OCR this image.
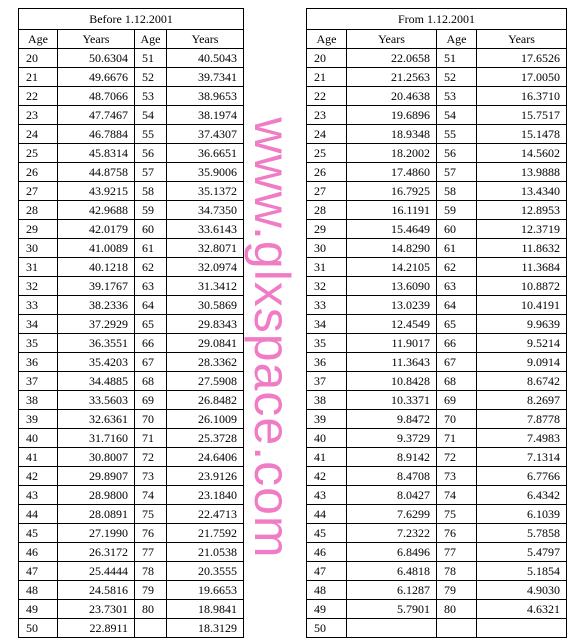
Before 1.12.2001			
Age	Years	Age	Years
20	50.6304	51	40.5043
21	49.6676	52	39.7341
22	48.7066	53	38.9653
23	47.7467	54	38.1974
24	46.7884	55	37.4307
25	45.8314	56	36.6651
26	44.8758	57	35.9006
27	43.9215	58	35.1372
28	42.9688	59	34.7350
29	42.0179	60	33.6143
30	41.0089	61	32.8071
31	40.1218	62	32.0974
32	39.1767	63	31.3412
33	38.2336	64	30.5869
34	37.2929	65	29.8343
35	36.3551	66	29.0841
36	35.4203	67	28.3362
37	34.4885	68	27.5908
38	33.5603	69	26.8482
39	32.6361	70	26.1009
40	31.7160	71	25.3728
41	30.8007	72	24.6406
42	29.8907	73	23.9126
43	28.9800	74	23.1840
44	28.0891	75	22.4713
45	27.1990	76	21.7592
46	26.3172	77	21.0538
47	25.4444	78	20.3555
48	24.5816	79	19.6653
49	23.7301	80	18.9841
50	22.8911		18.3129
www.glxspace.com
From 1.12.2001			
Age	Years	Age	Years
20	22.0658	51	17.6526
21	21.2563	52	17.0050
22	20.4638	53	16.3710
23	19.6896	54	15.7517
24	18.9348	55	15.1478
25	18.2002	56	14.5602
26	17.4860	57	13.9888
27	16.7925	58	13.4340
28	16.1191	59	12.8953
29	15.4649	60	12.3719
30	14.8290	61	11.8632
31	14.2105	62	11.3684
32	13.6090	63	10.8872
33	13.0239	64	10.4191
34	12.4549	65	9.9639
35	11.9017	66	9.5214
36	11.3643	67	9.0914
37	10.8428	68	8.6742
38	10.3371	69	8.2697
39	9.8472	70	7.8778
40	9.3729	71	7.4983
41	8.9142	72	7.1314
42	8.4708	73	6.7766
43	8.0427	74	6.4342
44	7.6299	75	6.1039
45	7.2322	76	5.7858
46	6.8496	77	5.4797
47	6.4818	78	5.1854
48	6.1287	79	4.9030
49	5.7901	80	4.6321
50			
